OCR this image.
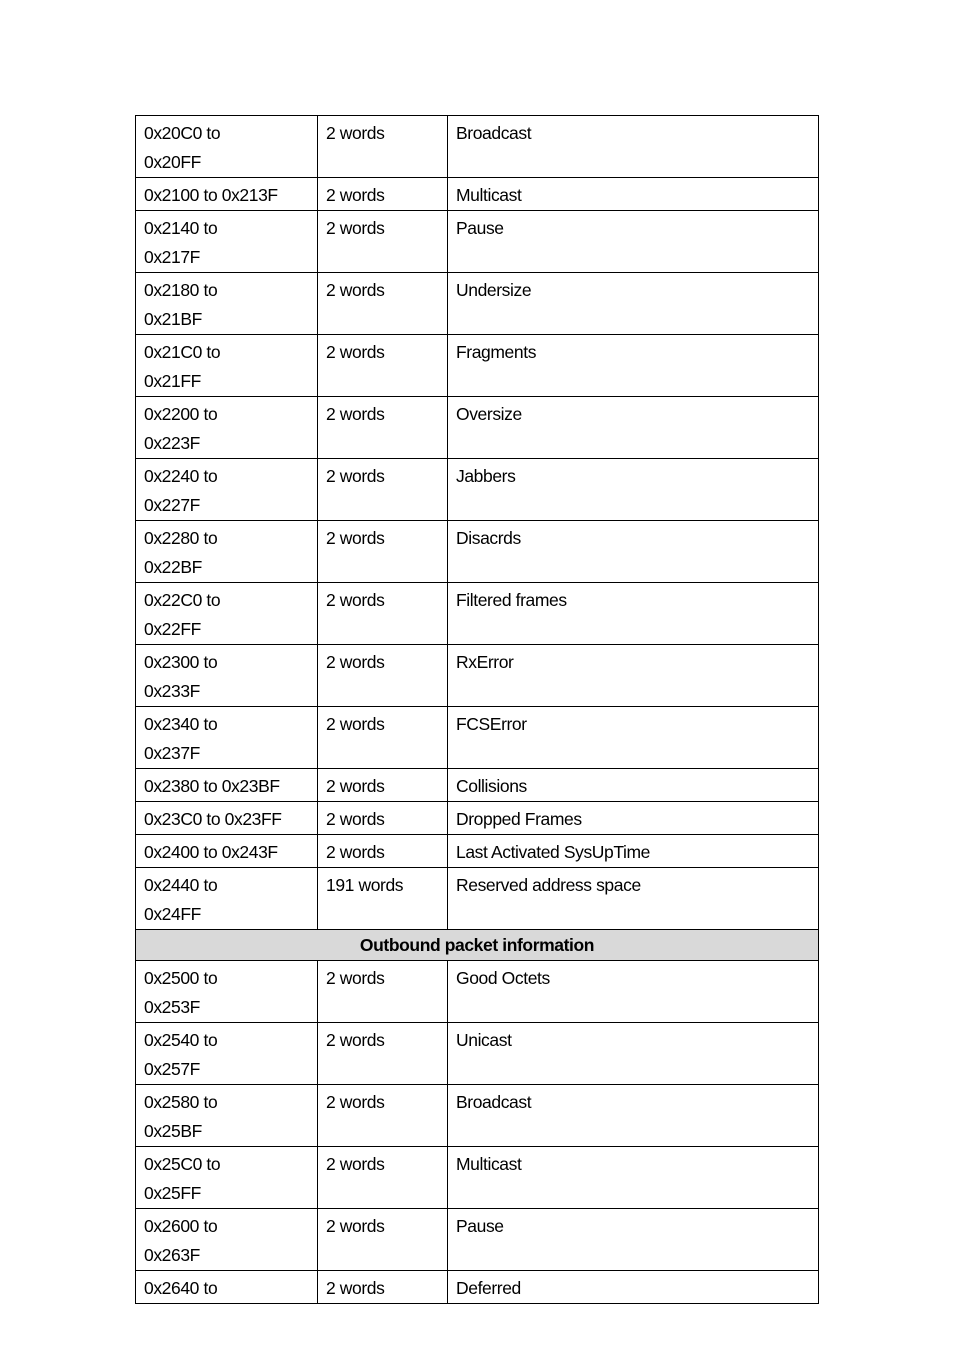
0x20C0 to
0x20FF	2 words	Broadcast

0x2100 to 0x213F	2 words	Multicast

0x2140 to
0x217F	2 words	Pause

0x2180 to
0x21BF	2 words	Undersize

0x21C0 to
0x21FF	2 words	Fragments

0x2200 to
0x223F	2 words	Oversize

0x2240 to
0x227F	2 words	Jabbers

0x2280 to
0x22BF	2 words	Disacrds

0x22C0 to
0x22FF	2 words	Filtered frames

0x2300 to
0x233F	2 words	RxError

0x2340 to
0x237F	2 words	FCSError

0x2380 to 0x23BF	2 words	Collisions

0x23C0 to 0x23FF	2 words	Dropped Frames

0x2400 to 0x243F	2 words	Last Activated SysUpTime

0x2440 to
0x24FF	191 words	Reserved address space
Outbound packet information		

0x2500 to
0x253F	2 words	Good Octets

0x2540 to
0x257F	2 words	Unicast

0x2580 to
0x25BF	2 words	Broadcast

0x25C0 to
0x25FF	2 words	Multicast

0x2600 to
0x263F	2 words	Pause

0x2640 to	2 words	Deferred
